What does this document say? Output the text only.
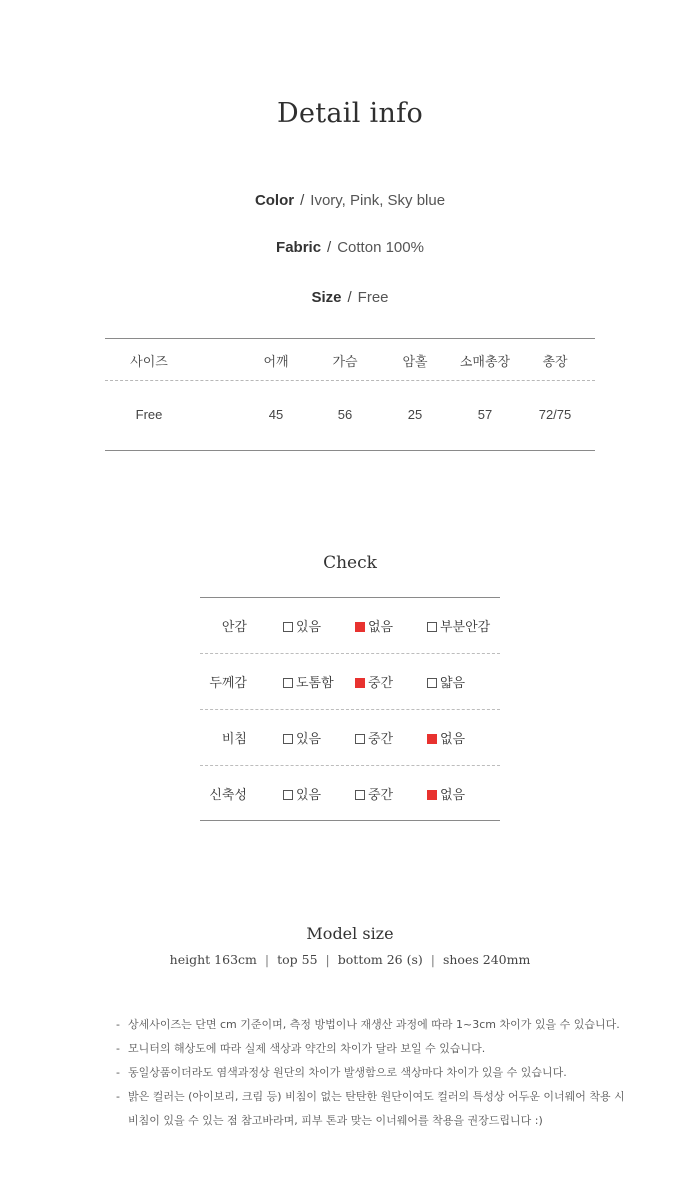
Detail info
Color / Ivory, Pink, Sky blue
Fabric / Cotton 100%
Size / Free
사이즈	어깨	가슴	암홀	소매총장	총장
Free	45	56	25	57	72/75
Check
안감	있음	없음	부분안감
두께감	도톰함	중간	얇음
비침	있음	중간	없음
신축성	있음	중간	없음
Model size
height 163cm | top 55 | bottom 26 (s) | shoes 240mm
- 상세사이즈는 단면 cm 기준이며, 측정 방법이나 재생산 과정에 따라 1~3cm 차이가 있을 수 있습니다.
- 모니터의 해상도에 따라 실제 색상과 약간의 차이가 달라 보일 수 있습니다.
- 동일상품이더라도 염색과정상 원단의 차이가 발생함으로 색상마다 차이가 있을 수 있습니다.
- 밝은 컬러는 (아이보리, 크림 등) 비침이 없는 탄탄한 원단이여도 컬러의 특성상 어두운 이너웨어 착용 시
비침이 있을 수 있는 점 참고바라며, 피부 톤과 맞는 이너웨어를 착용을 권장드립니다 :)
